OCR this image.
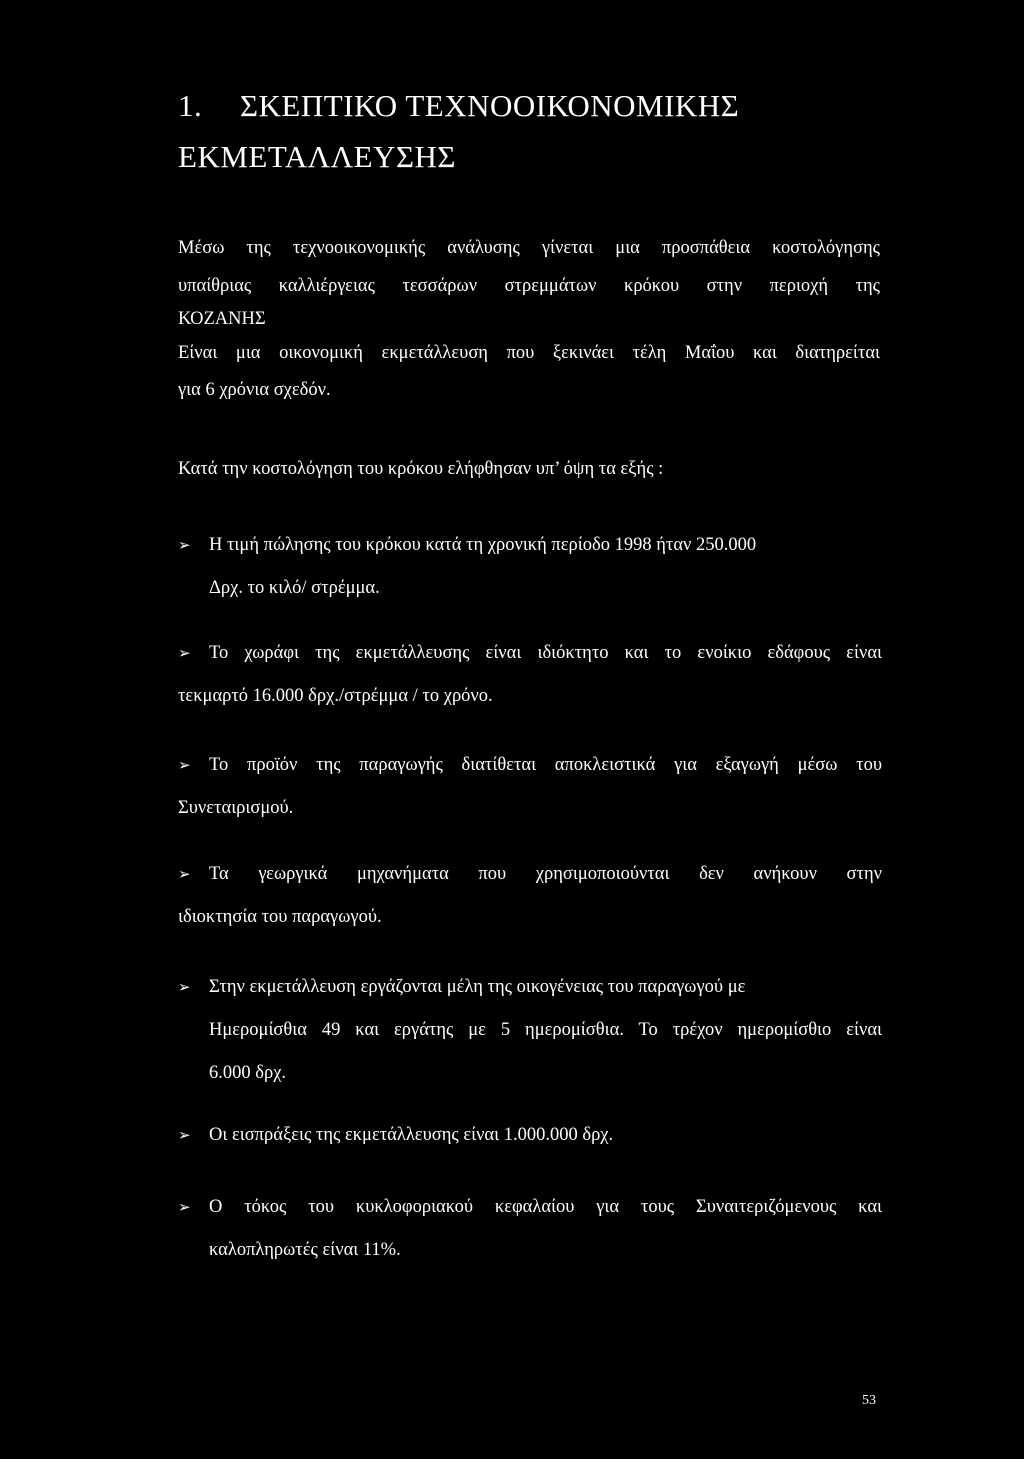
1. ΣΚΕΠΤΙΚΟ ΤΕΧΝΟΟΙΚΟΝΟΜΙΚΗΣ
ΕΚΜΕΤΑΛΛΕΥΣΗΣ
Μέσω της τεχνοοικονομικής ανάλυσης γίνεται μια προσπάθεια κοστολόγησης
υπαίθριας καλλιέργειας τεσσάρων στρεμμάτων κρόκου στην περιοχή της
ΚΟΖΑΝΗΣ
Είναι μια οικονομική εκμετάλλευση που ξεκινάει τέλη Μαΐου και διατηρείται
για 6 χρόνια σχεδόν.
Κατά την κοστολόγηση του κρόκου ελήφθησαν υπ’ όψη τα εξής :
➢ Η τιμή πώλησης του κρόκου κατά τη χρονική περίοδο 1998 ήταν 250.000
Δρχ. το κιλό/ στρέμμα.
➢ Το χωράφι της εκμετάλλευσης είναι ιδιόκτητο και το ενοίκιο εδάφους είναι
τεκμαρτό 16.000 δρχ./στρέμμα / το χρόνο.
➢ Το προϊόν της παραγωγής διατίθεται αποκλειστικά για εξαγωγή μέσω του
Συνεταιρισμού.
➢ Τα γεωργικά μηχανήματα που χρησιμοποιούνται δεν ανήκουν στην
ιδιοκτησία του παραγωγού.
➢ Στην εκμετάλλευση εργάζονται μέλη της οικογένειας του παραγωγού με
Ημερομίσθια 49 και εργάτης με 5 ημερομίσθια. Το τρέχον ημερομίσθιο είναι
6.000 δρχ.
➢ Οι εισπράξεις της εκμετάλλευσης είναι 1.000.000 δρχ.
➢ Ο τόκος του κυκλοφοριακού κεφαλαίου για τους Συναιτεριζόμενους και
καλοπληρωτές είναι 11%.
53
